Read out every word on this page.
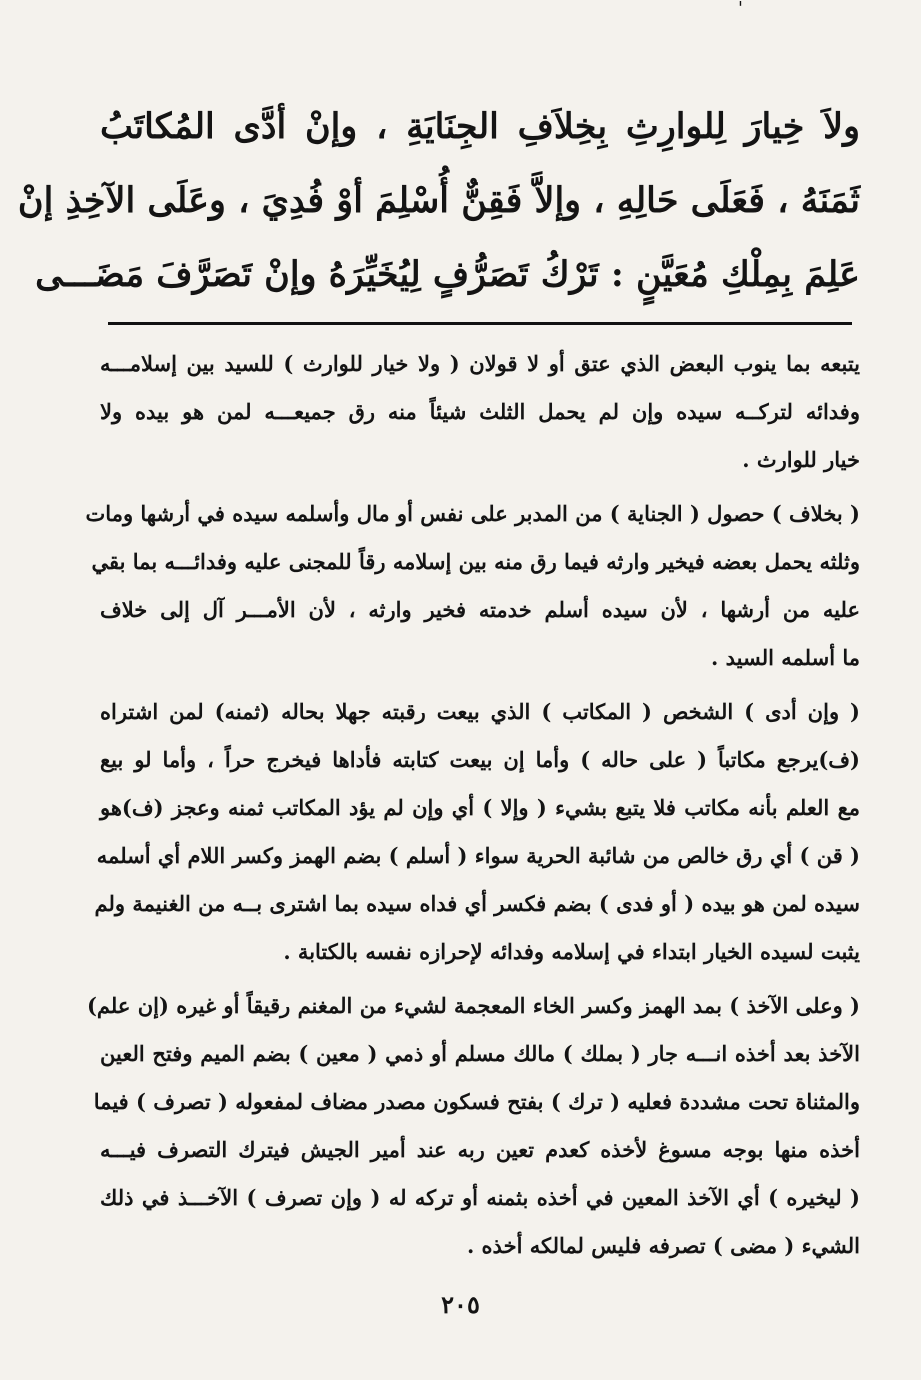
'
ولاَ خِيارَ لِلوارِثِ بِخِلاَفِ الجِنَايَةِ ، وإنْ أدَّى المُكاتَبُ
ثَمَنَهُ ، فَعَلَى حَالِهِ ، وإلاَّ فَقِنٌّ أُسْلِمَ أوْ فُدِيَ ، وعَلَى الآخِذِ إنْ
عَلِمَ بِمِلْكِ مُعَيَّنٍ : تَرْكُ تَصَرُّفٍ لِيُخَيِّرَهُ وإنْ تَصَرَّفَ مَضَـــى
يتبعه بما ينوب البعض الذي عتق أو لا قولان ( ولا خيار للوارث ) للسيد بين إسلامـــه
وفدائه لتركــه سيده وإن لم يحمل الثلث شيئاً منه رق جميعـــه لمن هو بيده ولا
خيار للوارث .
( بخلاف ) حصول ( الجناية ) من المدبر على نفس أو مال وأسلمه سيده في أرشها ومات
وثلثه يحمل بعضه فيخير وارثه فيما رق منه بين إسلامه رقاً للمجنى عليه وفدائـــه بما بقي
عليه من أرشها ، لأن سيده أسلم خدمته فخير وارثه ، لأن الأمـــر آل إلى خلاف
ما أسلمه السيد .
( وإن أدى ) الشخص ( المكاتب ) الذي بيعت رقبته جهلا بحاله (ثمنه) لمن اشتراه
(ف)يرجع مكاتباً ( على حاله ) وأما إن بيعت كتابته فأداها فيخرج حراً ، وأما لو بيع
مع العلم بأنه مكاتب فلا يتبع بشيء ( وإلا ) أي وإن لم يؤد المكاتب ثمنه وعجز (ف)هو
( قن ) أي رق خالص من شائبة الحرية سواء ( أسلم ) بضم الهمز وكسر اللام أي أسلمه
سيده لمن هو بيده ( أو فدى ) بضم فكسر أي فداه سيده بما اشترى بــه من الغنيمة ولم
يثبت لسيده الخيار ابتداء في إسلامه وفدائه لإحرازه نفسه بالكتابة .
( وعلى الآخذ ) بمد الهمز وكسر الخاء المعجمة لشيء من المغنم رقيقاً أو غيره (إن علم)
الآخذ بعد أخذه انـــه جار ( بملك ) مالك مسلم أو ذمي ( معين ) بضم الميم وفتح العين
والمثناة تحت مشددة فعليه ( ترك ) بفتح فسكون مصدر مضاف لمفعوله ( تصرف ) فيما
أخذه منها بوجه مسوغ لأخذه كعدم تعين ربه عند أمير الجيش فيترك التصرف فيـــه
( ليخيره ) أي الآخذ المعين في أخذه بثمنه أو تركه له ( وإن تصرف ) الآخـــذ في ذلك
الشيء ( مضى ) تصرفه فليس لمالكه أخذه .
٢٠٥
